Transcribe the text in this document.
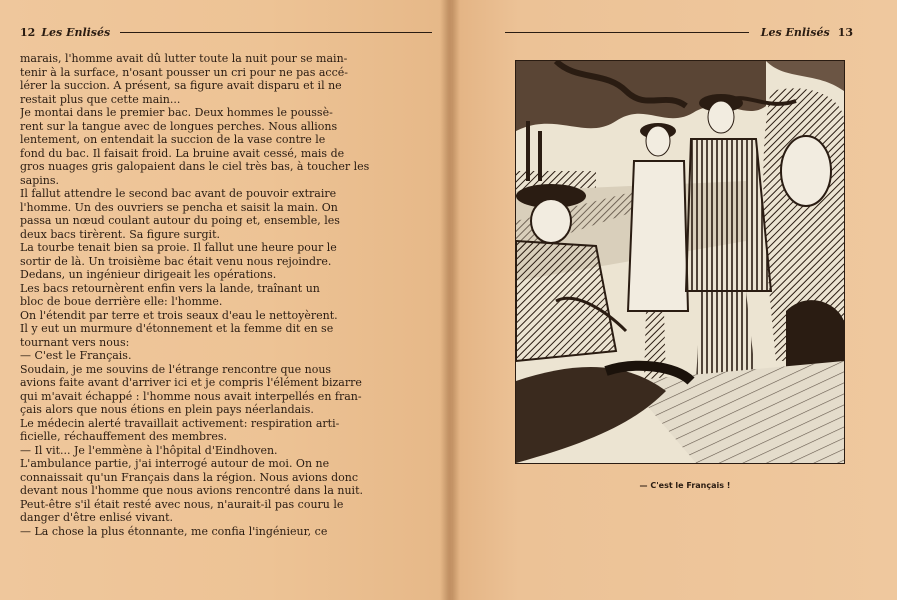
12 Les Enlisés	Les Enlisés 13
marais, l'homme avait dû lutter toute la nuit pour se main-
tenir à la surface, n'osant pousser un cri pour ne pas accé-
lérer la succion. A présent, sa figure avait disparu et il ne
restait plus que cette main...
Je montai dans le premier bac. Deux hommes le poussè-
rent sur la tangue avec de longues perches. Nous allions
lentement, on entendait la succion de la vase contre le
fond du bac. Il faisait froid. La bruine avait cessé, mais de
gros nuages gris galopaient dans le ciel très bas, à toucher les
sapins.
Il fallut attendre le second bac avant de pouvoir extraire
l'homme. Un des ouvriers se pencha et saisit la main. On
passa un nœud coulant autour du poing et, ensemble, les
deux bacs tirèrent. Sa figure surgit.
La tourbe tenait bien sa proie. Il fallut une heure pour le
sortir de là. Un troisième bac était venu nous rejoindre.
Dedans, un ingénieur dirigeait les opérations.
Les bacs retournèrent enfin vers la lande, traînant un
bloc de boue derrière elle: l'homme.
On l'étendit par terre et trois seaux d'eau le nettoyèrent.
Il y eut un murmure d'étonnement et la femme dit en se
tournant vers nous:
— C'est le Français.
Soudain, je me souvins de l'étrange rencontre que nous
avions faite avant d'arriver ici et je compris l'élément bizarre
qui m'avait échappé : l'homme nous avait interpellés en fran-
çais alors que nous étions en plein pays néerlandais.
Le médecin alerté travaillait activement: respiration arti-
ficielle, réchauffement des membres.
— Il vit... Je l'emmène à l'hôpital d'Eindhoven.
L'ambulance partie, j'ai interrogé autour de moi. On ne
connaissait qu'un Français dans la région. Nous avions donc
devant nous l'homme que nous avions rencontré dans la nuit.
Peut-être s'il était resté avec nous, n'aurait-il pas couru le
danger d'être enlisé vivant.
— La chose la plus étonnante, me confia l'ingénieur, ce
— C'est le Français !
